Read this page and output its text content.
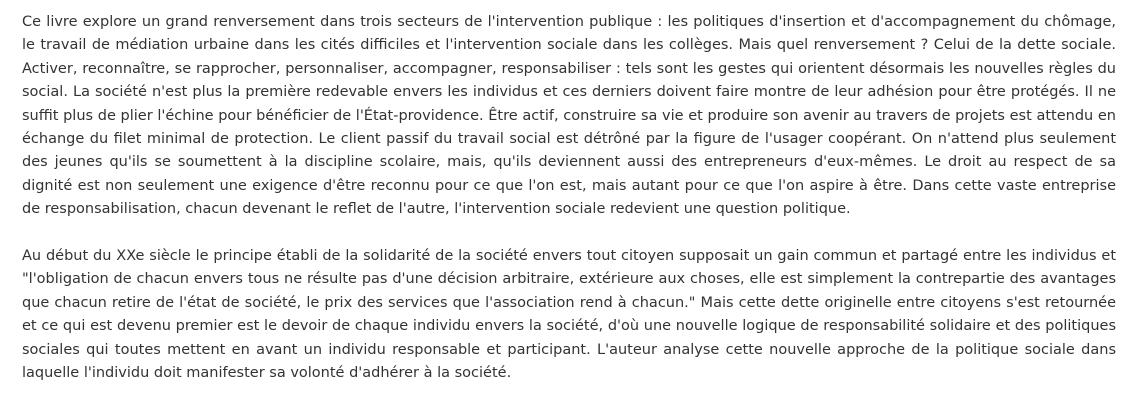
Ce livre explore un grand renversement dans trois secteurs de l'intervention publique : les politiques d'insertion et d'accompagnement du chômage, le travail de médiation urbaine dans les cités difficiles et l'intervention sociale dans les collèges. Mais quel renversement ? Celui de la dette sociale. Activer, reconnaître, se rapprocher, personnaliser, accompagner, responsabiliser : tels sont les gestes qui orientent désormais les nouvelles règles du social. La société n'est plus la première redevable envers les individus et ces derniers doivent faire montre de leur adhésion pour être protégés. Il ne suffit plus de plier l'échine pour bénéficier de l'État-providence. Être actif, construire sa vie et produire son avenir au travers de projets est attendu en échange du filet minimal de protection. Le client passif du travail social est détrôné par la figure de l'usager coopérant. On n'attend plus seulement des jeunes qu'ils se soumettent à la discipline scolaire, mais, qu'ils deviennent aussi des entrepreneurs d'eux-mêmes. Le droit au respect de sa dignité est non seulement une exigence d'être reconnu pour ce que l'on est, mais autant pour ce que l'on aspire à être. Dans cette vaste entreprise de responsabilisation, chacun devenant le reflet de l'autre, l'intervention sociale redevient une question politique.

Au début du XXe siècle le principe établi de la solidarité de la société envers tout citoyen supposait un gain commun et partagé entre les individus et "l'obligation de chacun envers tous ne résulte pas d'une décision arbitraire, extérieure aux choses, elle est simplement la contrepartie des avantages que chacun retire de l'état de société, le prix des services que l'association rend à chacun." Mais cette dette originelle entre citoyens s'est retournée et ce qui est devenu premier est le devoir de chaque individu envers la société, d'où une nouvelle logique de responsabilité solidaire et des politiques sociales qui toutes mettent en avant un individu responsable et participant. L'auteur analyse cette nouvelle approche de la politique sociale dans laquelle l'individu doit manifester sa volonté d'adhérer à la société.
